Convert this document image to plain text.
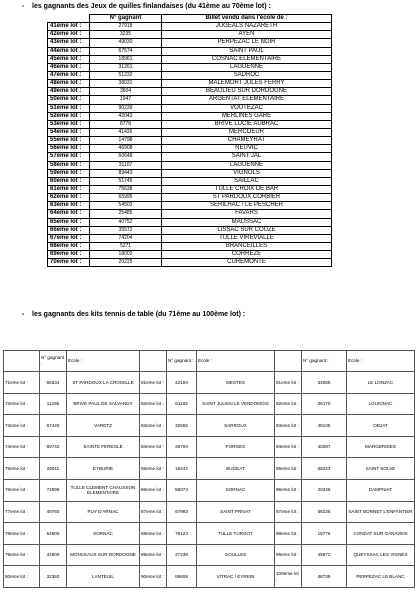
- les gagnants des Jeux de quilles finlandaises (du 41ème au 70ème lot) :
	N° gagnant	Billet vendu dans l'école de :
41ème lot :	27918	JUGEALS NAZARETH
42ème lot :	3235	AYEN
43ème lot :	49030	PERPEZAC LE NOIR
44ème lot :	67574	SAINT PAUL
45ème lot :	18961	COSNAC ELEMENTAIRE
46ème lot :	31261	LAGUENNE
47ème lot :	51232	SADROC
48ème lot :	38031	MALEMORT JULES FERRY
49ème lot :	3604	BEAULIEU SUR DORDOGNE
50ème lot :	1947	ARGENTAT ELEMENTAIRE
51ème lot :	90239	VOUTEZAC
52ème lot :	42043	MERLINES GARE
53ème lot :	8778	BRIVE LUCIE AUBRAC
54ème lot :	41426	MERCOEUR
55ème lot :	14798	CHAMEYRAT
56ème lot :	46908	NEUVIC
57ème lot :	60648	SAINT JAL
58ème lot :	31107	LAGUENNE
59ème lot :	89443	VIGNOLS
60ème lot :	51745	SAILLAC
61ème lot :	75638	TULLE CROIX DE BAR
62ème lot :	65995	ST PARDOUX CORBIER
63ème lot :	54503	SERILHAC / LE PESCHER
64ème lot :	25485	FAVARS
65ème lot :	40752	MAUSSAC
66ème lot :	35572	LISSAC SUR COUZE
67ème lot :	74204	TULLE VIREVIALLE
68ème lot :	5271	BRANCEILLES
69ème lot :	18002	CORREZE
70ème lot :	20225	CUREMONTE
- les gagnants des kits tennis de table (du 71ème au 100ème lot) :
	N° gagnant :	Ecole :		N° gagnant :	Ecole :		N° gagnant :	Ecole :
71eme lot :	66534	ST PARDOUX LA CROISILLE	81eme lot :	42194	MESTES	91eme lot :	34065	LE LONZAC
72eme lot :	11295	BRIVE PAUL DE SALVANDY	82eme lot :	61183	SAINT JULIEN LE VENDOMOIS	92eme lot :	36170	LOUIGNAC
73eme lot :	87426	VARETZ	83eme lot :	32565	SARROUX	93eme lot :	48135	OBJAT
74eme lot :	69742	SAINTE FEREOLE	84eme lot :	26794	FORGES	94eme lot :	40297	MARGERIDES
75eme lot :	25011	EYBURIE	85eme lot :	18242	BUGEAT	95eme lot :	68223	SAINT SOLVE
76eme lot :	74596	TULLE CLEMENT CHAUSSON ELEMENTAIRE	86eme lot :	55074	SORNAC	96eme lot :	20346	DAMPNIAT
77eme lot :	49760	PUY D'ARNAC	87eme lot :	67983	SAINT PRIVAT	97eme lot :	56235	SAINT BONNET L'ENFANTIER
78eme lot :	54900	SORNAC	88eme lot :	78123	TULLE TURGOT	98eme lot :	16776	CONDAT SUR GANAVEIX
79eme lot :	44600	MONCEAUX SUR DORDOGNE	89eme lot :	27238	GOULLES	99eme lot :	49872	QUEYSSAC LES VIGNES
80eme lot :	32360	LANTEUIL	90eme lot :	89608	VITRAC / EYREIN	100eme lot :	48739	PERPEZAC LE BLANC
